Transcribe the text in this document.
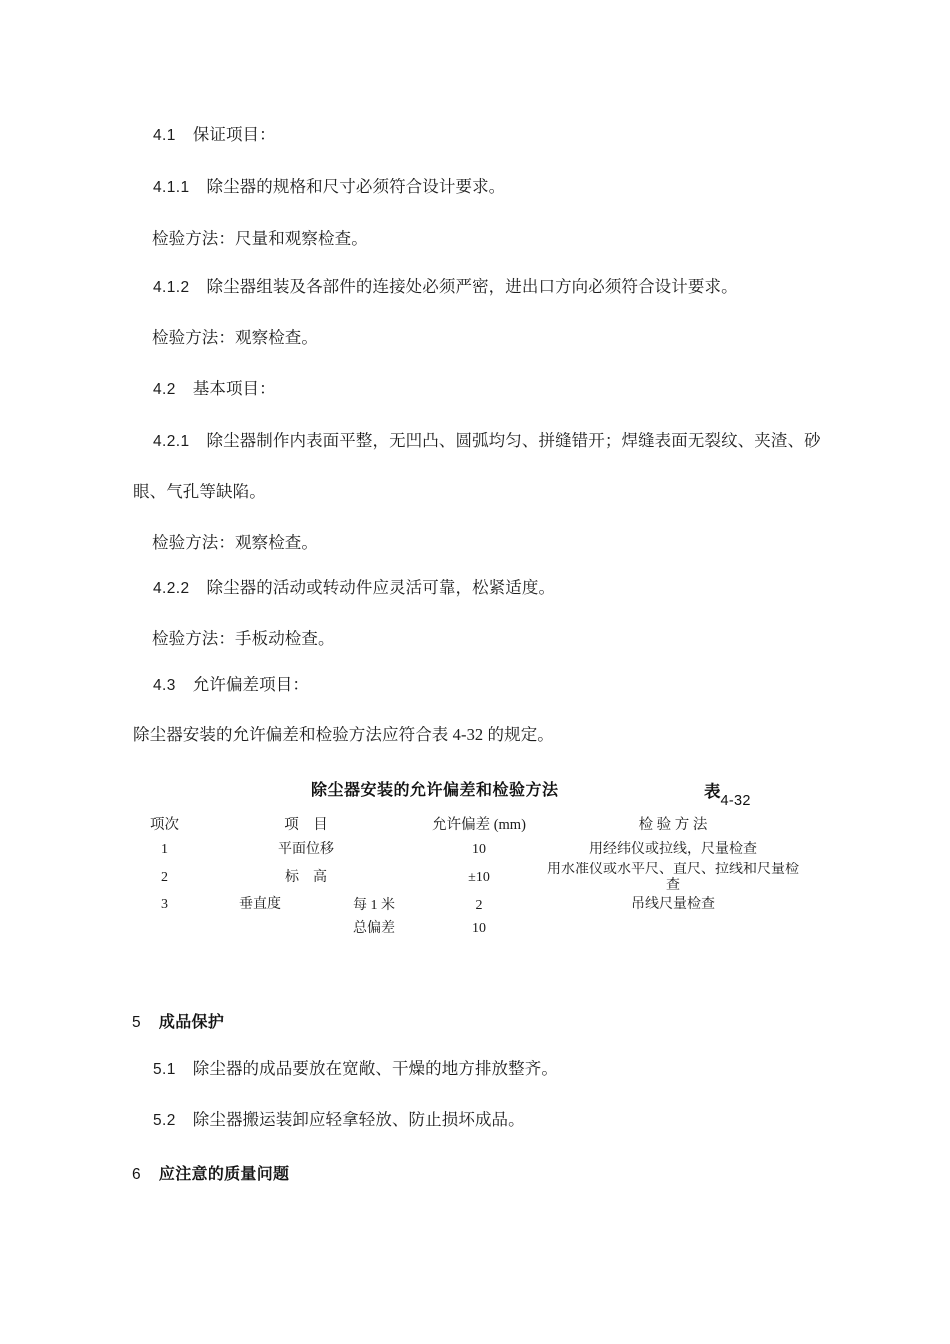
4.1 保证项目：
4.1.1 除尘器的规格和尺寸必须符合设计要求。
检验方法：尺量和观察检查。
4.1.2 除尘器组装及各部件的连接处必须严密，进出口方向必须符合设计要求。
检验方法：观察检查。
4.2 基本项目：
4.2.1 除尘器制作内表面平整，无凹凸、圆弧均匀、拼缝错开；焊缝表面无裂纹、夹渣、砂
眼、气孔等缺陷。
检验方法：观察检查。
4.2.2 除尘器的活动或转动件应灵活可靠，松紧适度。
检验方法：手板动检查。
4.3 允许偏差项目：
除尘器安装的允许偏差和检验方法应符合表 4-32 的规定。
除尘器安装的允许偏差和检验方法	表4-32
项次	项　目		允许偏差 (mm)	检 验 方 法
1	平面位移		10	用经纬仪或拉线，尺量检查
2	标　高		±10	用水准仪或水平尺、直尺、拉线和尺量检查
3	垂直度	每 1 米	2	吊线尺量检查
		总偏差	10	

5 成品保护
5.1 除尘器的成品要放在宽敞、干燥的地方排放整齐。
5.2 除尘器搬运装卸应轻拿轻放、防止损坏成品。
6 应注意的质量问题
